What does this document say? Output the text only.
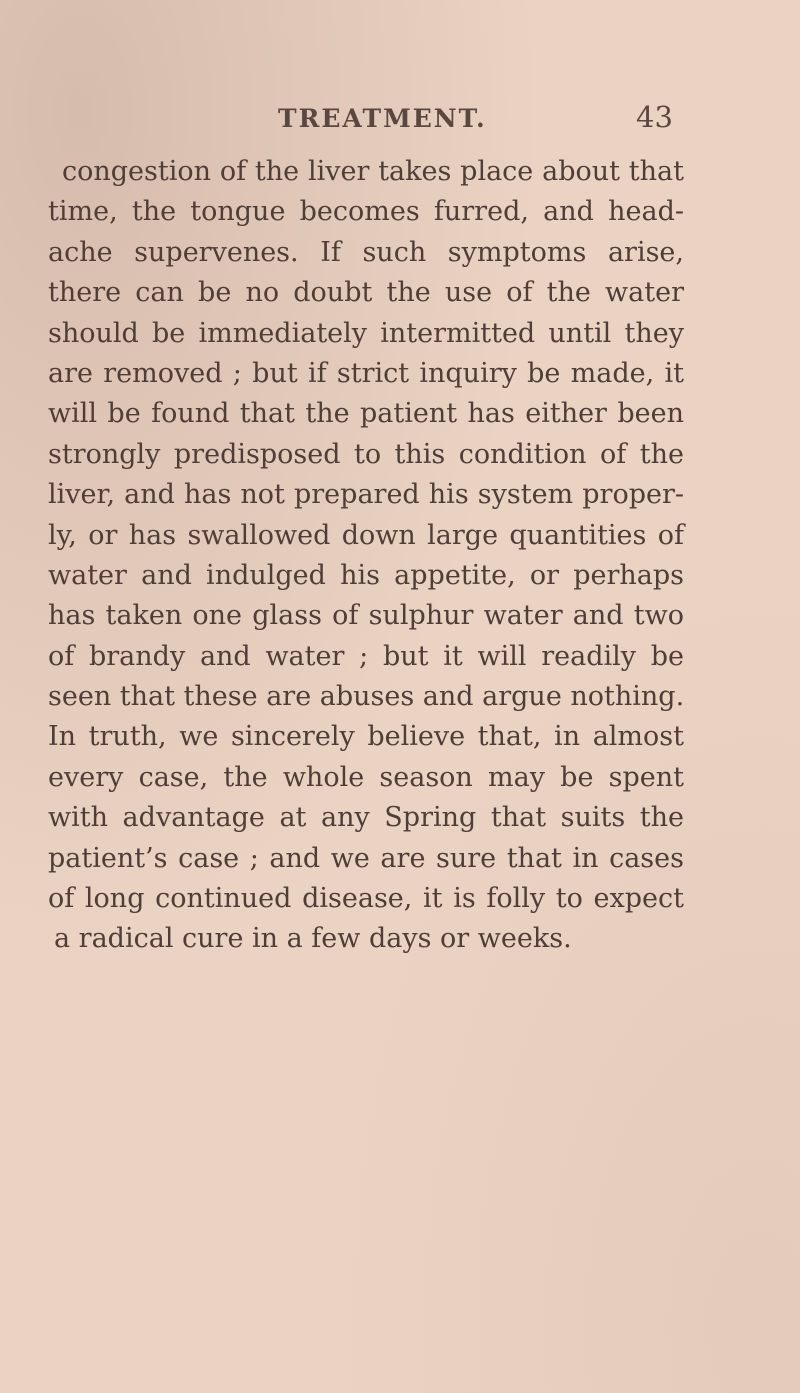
TREATMENT.	43
congestion of the liver takes place about that
time, the tongue becomes furred, and head-
ache supervenes. If such symptoms arise,
there can be no doubt the use of the water
should be immediately intermitted until they
are removed ; but if strict inquiry be made, it
will be found that the patient has either been
strongly predisposed to this condition of the
liver, and has not prepared his system proper-
ly, or has swallowed down large quantities of
water and indulged his appetite, or perhaps
has taken one glass of sulphur water and two
of brandy and water ; but it will readily be
seen that these are abuses and argue nothing.
In truth, we sincerely believe that, in almost
every case, the whole season may be spent
with advantage at any Spring that suits the
patient’s case ; and we are sure that in cases
of long continued disease, it is folly to expect
a radical cure in a few days or weeks.
